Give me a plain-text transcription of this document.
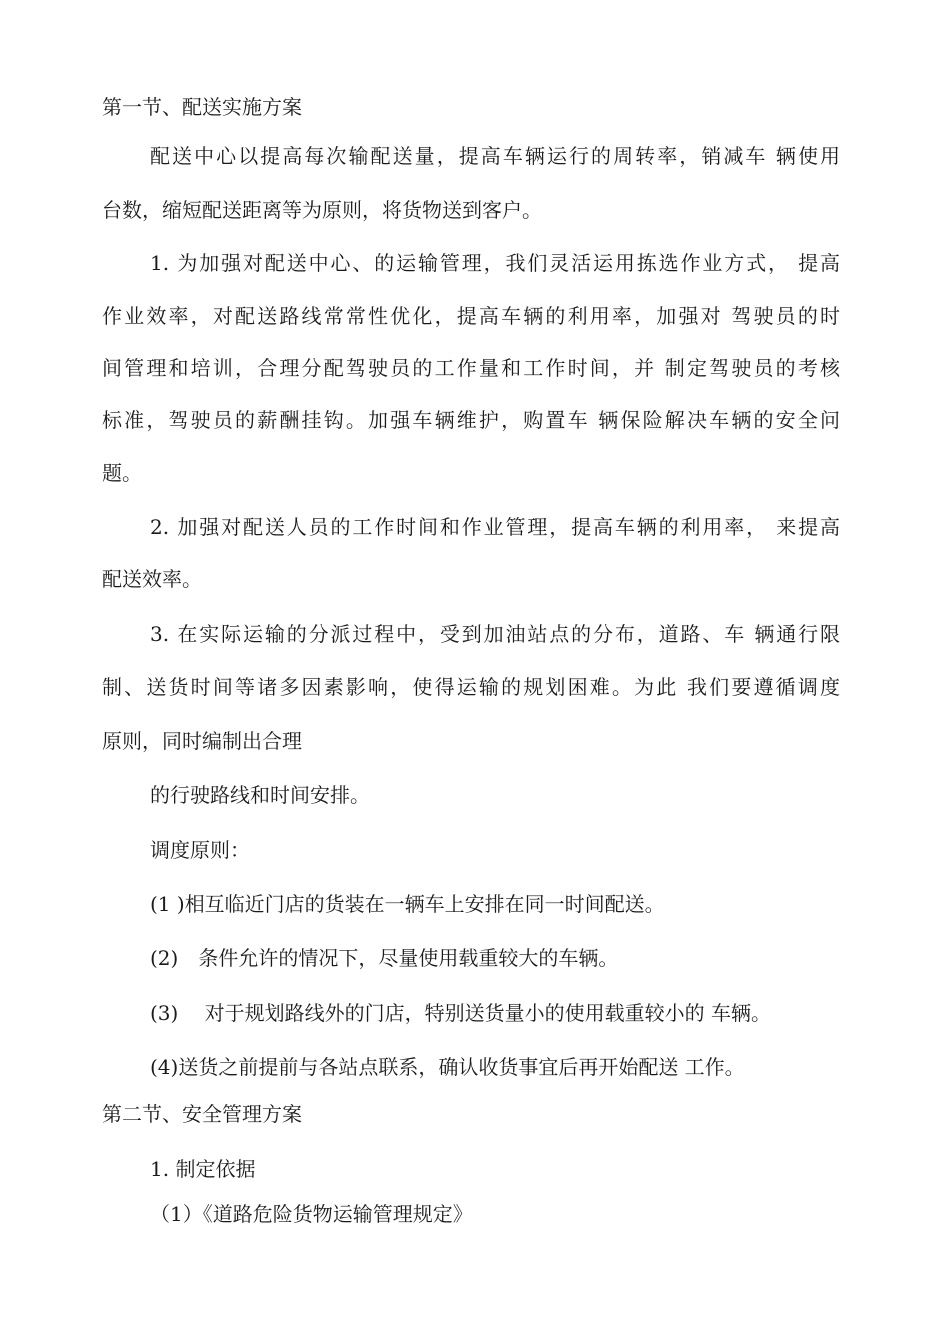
第一节、配送实施方案
配送中心以提高每次输配送量，提高车辆运行的周转率，销减车 辆使用
台数，缩短配送距离等为原则，将货物送到客户。
1. 为加强对配送中心、的运输管理，我们灵活运用拣选作业方式， 提高
作业效率，对配送路线常常性优化，提高车辆的利用率，加强对 驾驶员的时
间管理和培训，合理分配驾驶员的工作量和工作时间，并 制定驾驶员的考核
标准，驾驶员的薪酬挂钩。加强车辆维护，购置车 辆保险解决车辆的安全问
题。
2. 加强对配送人员的工作时间和作业管理，提高车辆的利用率， 来提高
配送效率。
3. 在实际运输的分派过程中，受到加油站点的分布，道路、车 辆通行限
制、送货时间等诸多因素影响，使得运输的规划困难。为此 我们要遵循调度
原则，同时编制出合理
的行驶路线和时间安排。
调度原则：
(1 )相互临近门店的货装在一辆车上安排在同一时间配送。
(2)　条件允许的情况下，尽量使用载重较大的车辆。
(3)　 对于规划路线外的门店，特别送货量小的使用载重较小的 车辆。
(4)送货之前提前与各站点联系，确认收货事宜后再开始配送 工作。
第二节、安全管理方案
1. 制定依据
（1）《道路危险货物运输管理规定》
